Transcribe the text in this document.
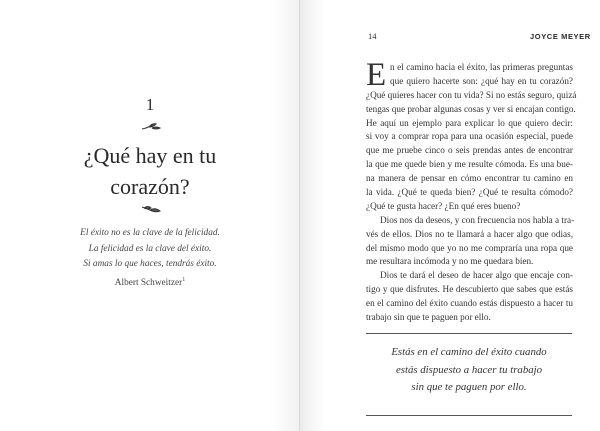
1
¿Qué hay en tu
corazón?
El éxito no es la clave de la felicidad.
La felicidad es la clave del éxito.
Si amas lo que haces, tendrás éxito.
Albert Schweitzer$^1$
14	JOYCE MEYER
E n el camino hacia el éxito, las primeras preguntas
que quiero hacerte son: ¿qué hay en tu corazón?
¿Qué quieres hacer con tu vida? Si no estás seguro, quizá
tengas que probar algunas cosas y ver si encajan contigo.
He aquí un ejemplo para explicar lo que quiero decir:
si voy a comprar ropa para una ocasión especial, puede
que me pruebe cinco o seis prendas antes de encontrar
la que me quede bien y me resulte cómoda. Es una bue-
na manera de pensar en cómo encontrar tu camino en
la vida. ¿Qué te queda bien? ¿Qué te resulta cómodo?
¿Qué te gusta hacer? ¿En qué eres bueno?
Dios nos da deseos, y con frecuencia nos habla a tra-
vés de ellos. Dios no te llamará a hacer algo que odias,
del mismo modo que yo no me compraría una ropa que
me resultara incómoda y no me quedara bien.
Dios te dará el deseo de hacer algo que encaje con-
tigo y que disfrutes. He descubierto que sabes que estás
en el camino del éxito cuando estás dispuesto a hacer tu
trabajo sin que te paguen por ello.
Estás en el camino del éxito cuando
estás dispuesto a hacer tu trabajo
sin que te paguen por ello.
